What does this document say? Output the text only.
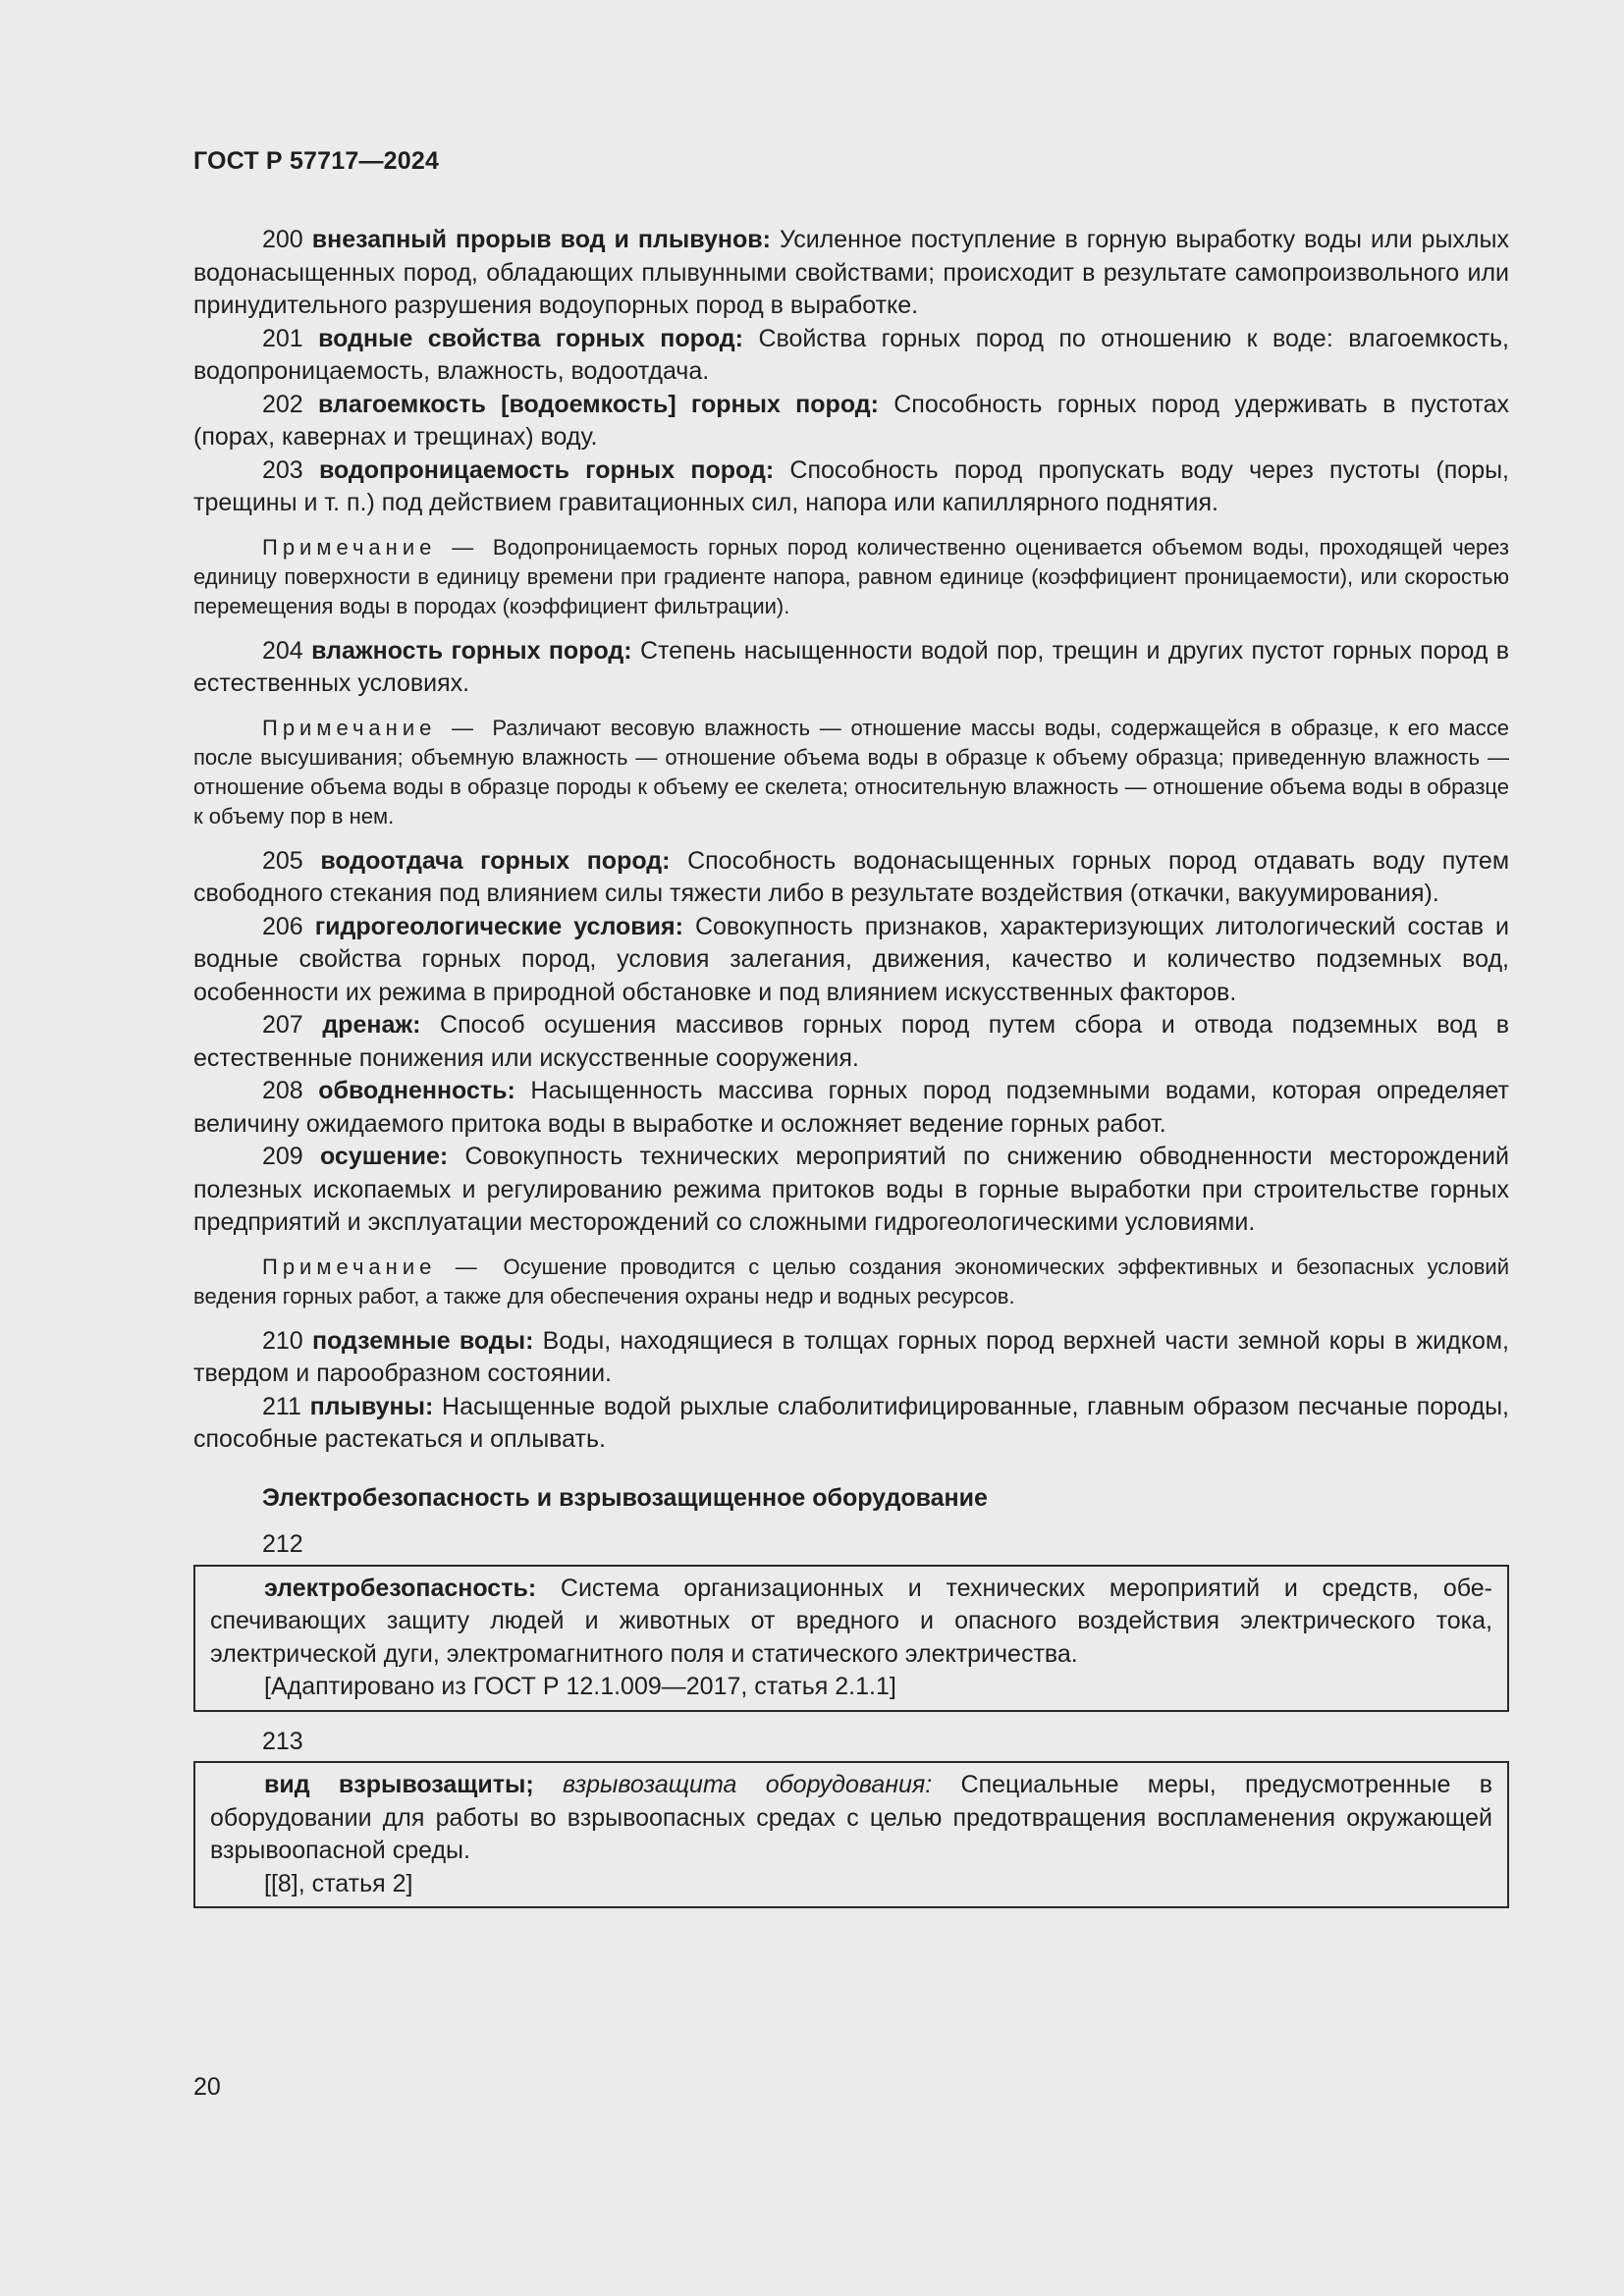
ГОСТ Р 57717—2024

200 внезапный прорыв вод и плывунов: Усиленное поступление в горную выработку воды или рыхлых водонасыщенных пород, обладающих плывунными свойствами; происходит в результате самопроизвольного или принудительного разрушения водоупорных пород в выработке.

201 водные свойства горных пород: Свойства горных пород по отношению к воде: влагоемкость, водопроницаемость, влажность, водоотдача.

202 влагоемкость [водоемкость] горных пород: Способность горных пород удерживать в пустотах (порах, кавернах и трещинах) воду.

203 водопроницаемость горных пород: Способность пород пропускать воду через пустоты (поры, трещины и т. п.) под действием гравитационных сил, напора или капиллярного поднятия.

Примечание — Водопроницаемость горных пород количественно оценивается объемом воды, проходящей через единицу поверхности в единицу времени при градиенте напора, равном единице (коэффициент проницаемости), или скоростью перемещения воды в породах (коэффициент фильтрации).

204 влажность горных пород: Степень насыщенности водой пор, трещин и других пустот горных пород в естественных условиях.

Примечание — Различают весовую влажность — отношение массы воды, содержащейся в образце, к его массе после высушивания; объемную влажность — отношение объема воды в образце к объему образца; приведенную влажность — отношение объема воды в образце породы к объему ее скелета; относительную влажность — отношение объема воды в образце к объему пор в нем.

205 водоотдача горных пород: Способность водонасыщенных горных пород отдавать воду путем свободного стекания под влиянием силы тяжести либо в результате воздействия (откачки, вакуумирования).

206 гидрогеологические условия: Совокупность признаков, характеризующих литологический состав и водные свойства горных пород, условия залегания, движения, качество и количество подземных вод, особенности их режима в природной обстановке и под влиянием искусственных факторов.

207 дренаж: Способ осушения массивов горных пород путем сбора и отвода подземных вод в естественные понижения или искусственные сооружения.

208 обводненность: Насыщенность массива горных пород подземными водами, которая определяет величину ожидаемого притока воды в выработке и осложняет ведение горных работ.

209 осушение: Совокупность технических мероприятий по снижению обводненности месторождений полезных ископаемых и регулированию режима притоков воды в горные выработки при строительстве горных предприятий и эксплуатации месторождений со сложными гидрогеологическими условиями.

Примечание — Осушение проводится с целью создания экономических эффективных и безопасных условий ведения горных работ, а также для обеспечения охраны недр и водных ресурсов.

210 подземные воды: Воды, находящиеся в толщах горных пород верхней части земной коры в жидком, твердом и парообразном состоянии.

211 плывуны: Насыщенные водой рыхлые слаболитифицированные, главным образом песчаные породы, способные растекаться и оплывать.

Электробезопасность и взрывозащищенное оборудование
212

электробезопасность: Система организационных и технических мероприятий и средств, обеспечивающих защиту людей и животных от вредного и опасного воздействия электрического тока, электрической дуги, электромагнитного поля и статического электричества.

[Адаптировано из ГОСТ Р 12.1.009—2017, статья 2.1.1]
213

вид взрывозащиты; взрывозащита оборудования: Специальные меры, предусмотренные в оборудовании для работы во взрывоопасных средах с целью предотвращения воспламенения окружающей взрывоопасной среды.

[[8], статья 2]
20
